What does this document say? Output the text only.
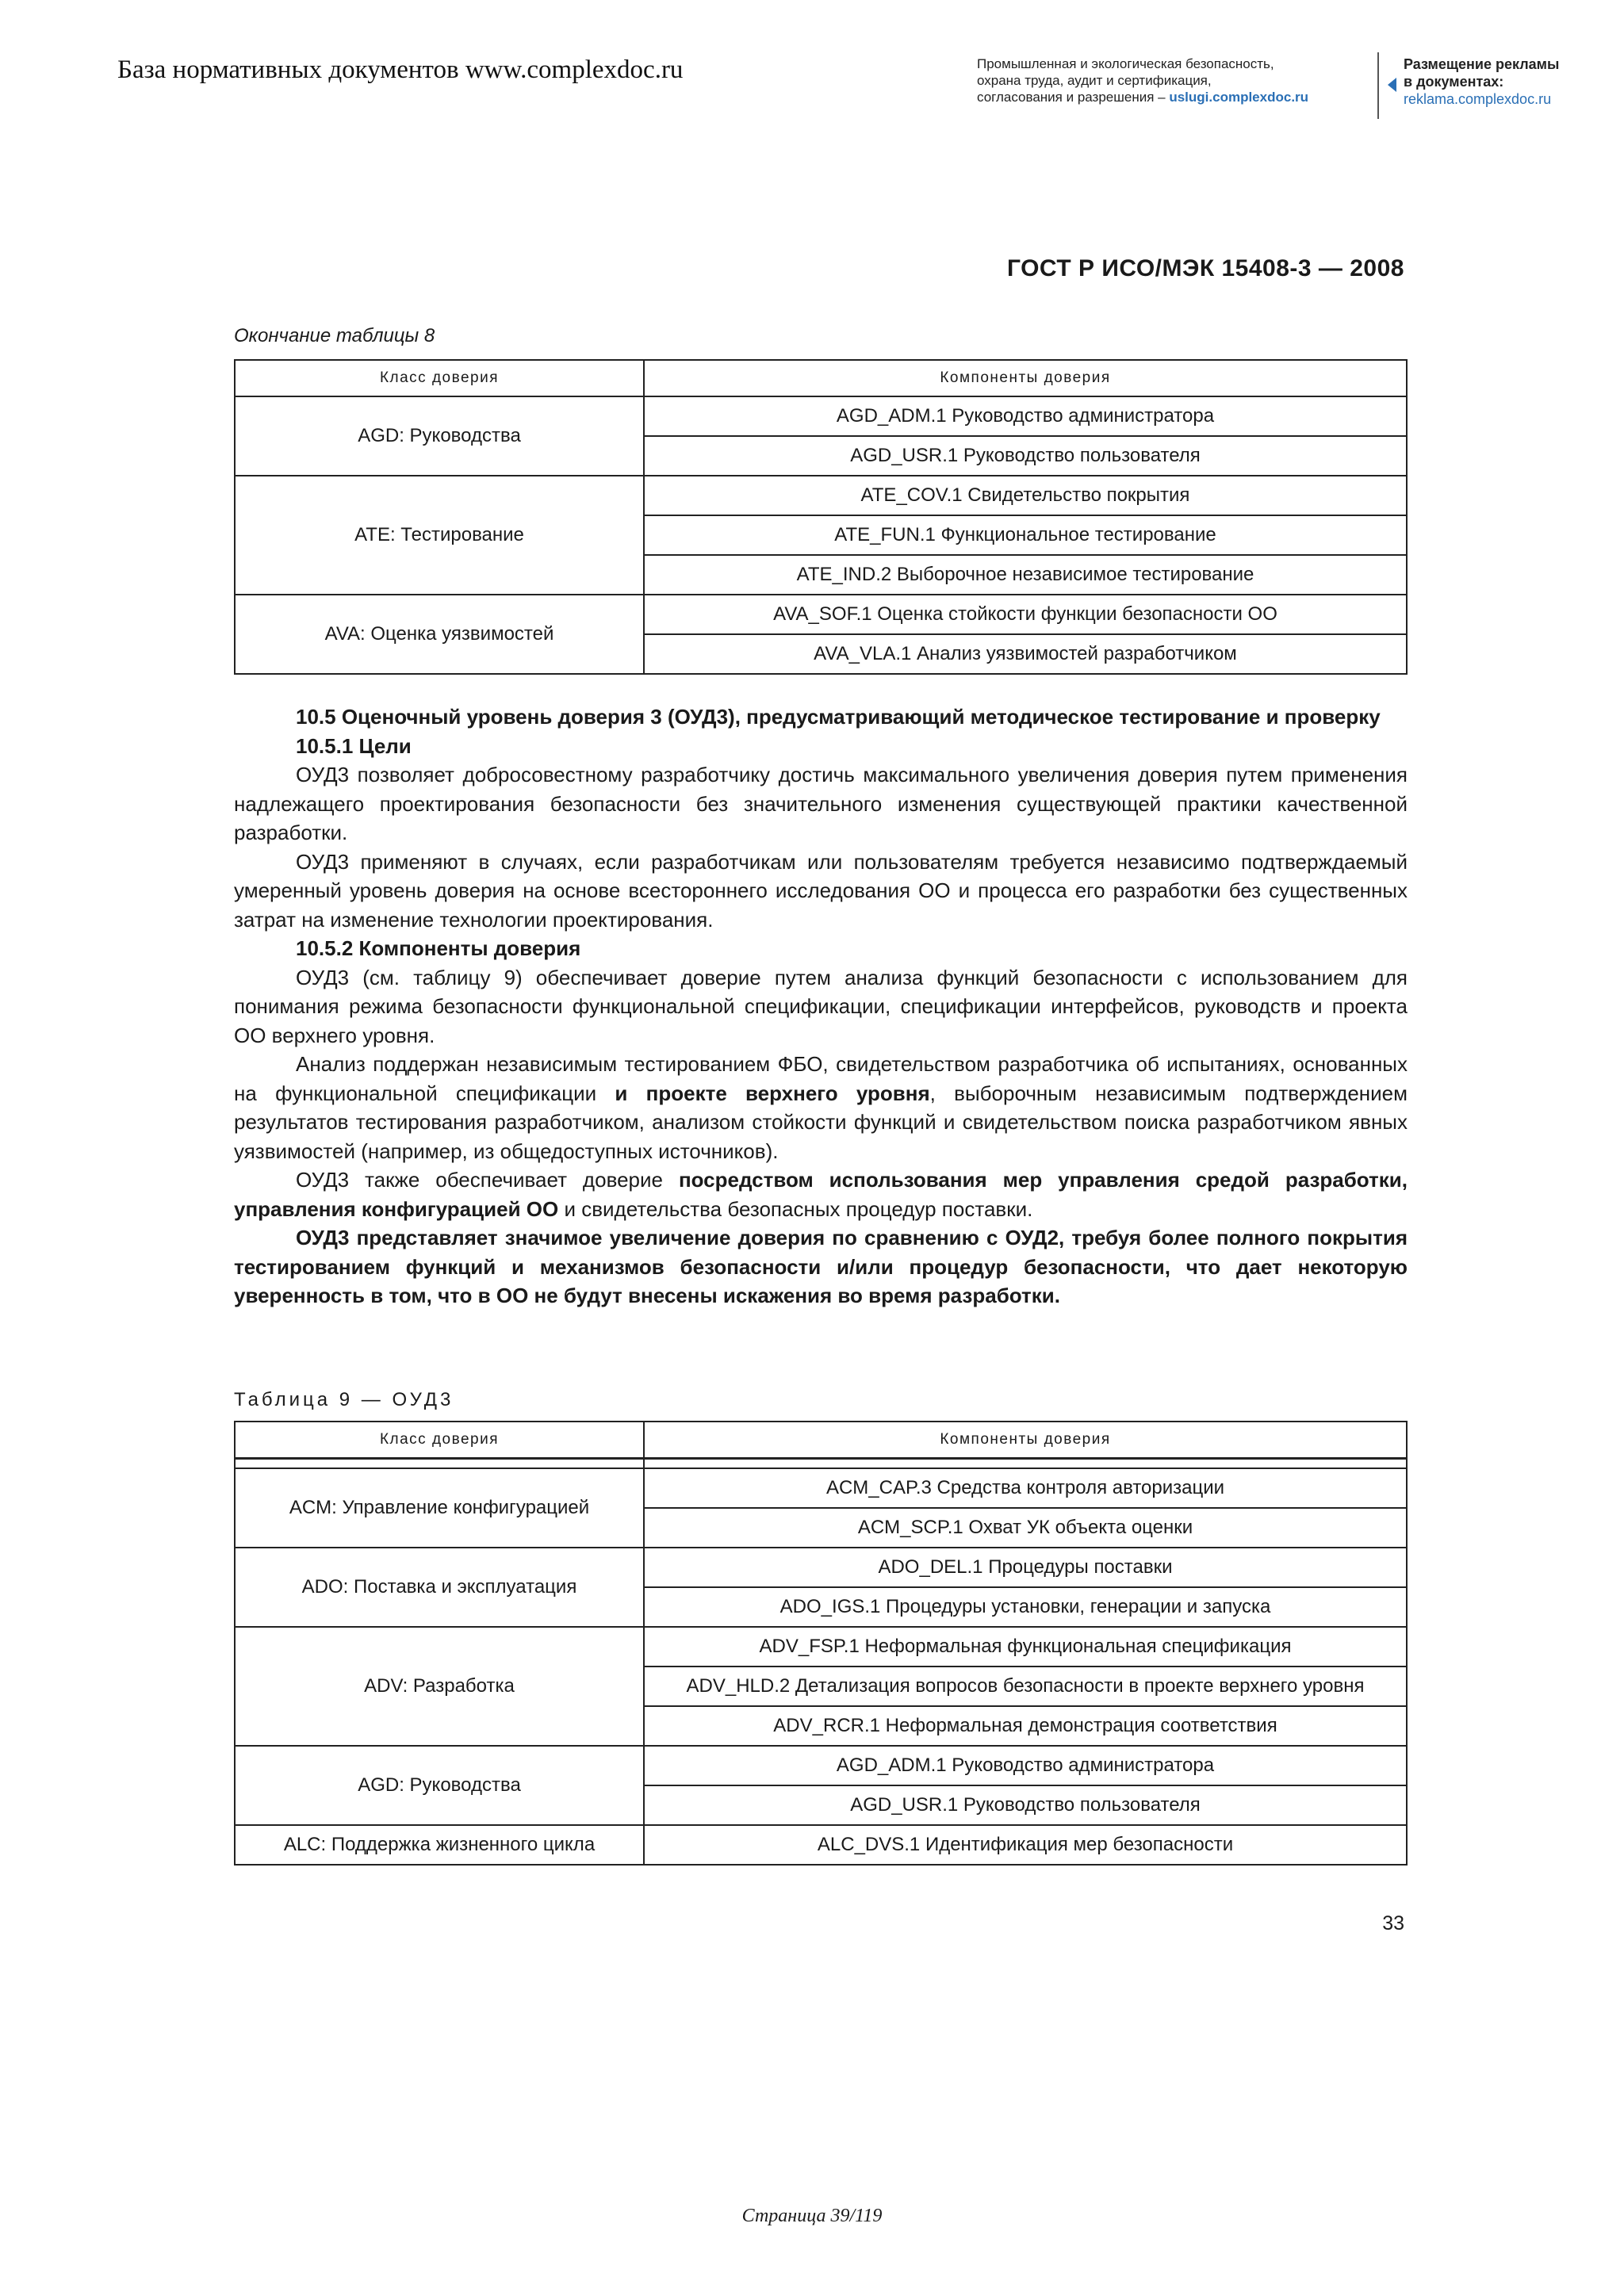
База нормативных документов www.complexdoc.ru	Промышленная и экологическая безопасность,
охрана труда, аудит и сертификация,
согласования и разрешения – uslugi.complexdoc.ru
Размещение рекламы
в документах:
reklama.complexdoc.ru
ГОСТ Р ИСО/МЭК 15408-3 — 2008
Окончание таблицы 8
Класс доверия	Компоненты доверия
AGD: Руководства	AGD_ADM.1 Руководство администратора
	AGD_USR.1 Руководство пользователя
ATE: Тестирование	ATE_COV.1 Свидетельство покрытия
	ATE_FUN.1 Функциональное тестирование
	ATE_IND.2 Выборочное независимое тестирование
AVA: Оценка уязвимостей	AVA_SOF.1 Оценка стойкости функции безопасности ОО
	AVA_VLA.1 Анализ уязвимостей разработчиком

10.5 Оценочный уровень доверия 3 (ОУД3), предусматривающий методическое тестирование и проверку

10.5.1 Цели

ОУД3 позволяет добросовестному разработчику достичь максимального увеличения доверия путем применения надлежащего проектирования безопасности без значительного изменения существующей практики качественной разработки.

ОУД3 применяют в случаях, если разработчикам или пользователям требуется независимо подтверждаемый умеренный уровень доверия на основе всестороннего исследования ОО и процесса его разработки без существенных затрат на изменение технологии проектирования.

10.5.2 Компоненты доверия

ОУД3 (см. таблицу 9) обеспечивает доверие путем анализа функций безопасности с использованием для понимания режима безопасности функциональной спецификации, спецификации интерфейсов, руководств и проекта ОО верхнего уровня.

Анализ поддержан независимым тестированием ФБО, свидетельством разработчика об испытаниях, основанных на функциональной спецификации и проекте верхнего уровня, выборочным независимым подтверждением результатов тестирования разработчиком, анализом стойкости функций и свидетельством поиска разработчиком явных уязвимостей (например, из общедоступных источников).

ОУД3 также обеспечивает доверие посредством использования мер управления средой разработки, управления конфигурацией ОО и свидетельства безопасных процедур поставки.

ОУД3 представляет значимое увеличение доверия по сравнению с ОУД2, требуя более полного покрытия тестированием функций и механизмов безопасности и/или процедур безопасности, что дает некоторую уверенность в том, что в ОО не будут внесены искажения во время разработки.

Таблица 9 — ОУД3
Класс доверия	Компоненты доверия

ACM: Управление конфигурацией	ACM_CAP.3 Средства контроля авторизации
	ACM_SCP.1 Охват УК объекта оценки
ADO: Поставка и эксплуатация	ADO_DEL.1 Процедуры поставки
	ADO_IGS.1 Процедуры установки, генерации и запуска
ADV: Разработка	ADV_FSP.1 Неформальная функциональная спецификация
	ADV_HLD.2 Детализация вопросов безопасности в проекте верхнего уровня
	ADV_RCR.1 Неформальная демонстрация соответствия
AGD: Руководства	AGD_ADM.1 Руководство администратора
	AGD_USR.1 Руководство пользователя
ALC: Поддержка жизненного цикла	ALC_DVS.1 Идентификация мер безопасности
33
Страница 39/119
